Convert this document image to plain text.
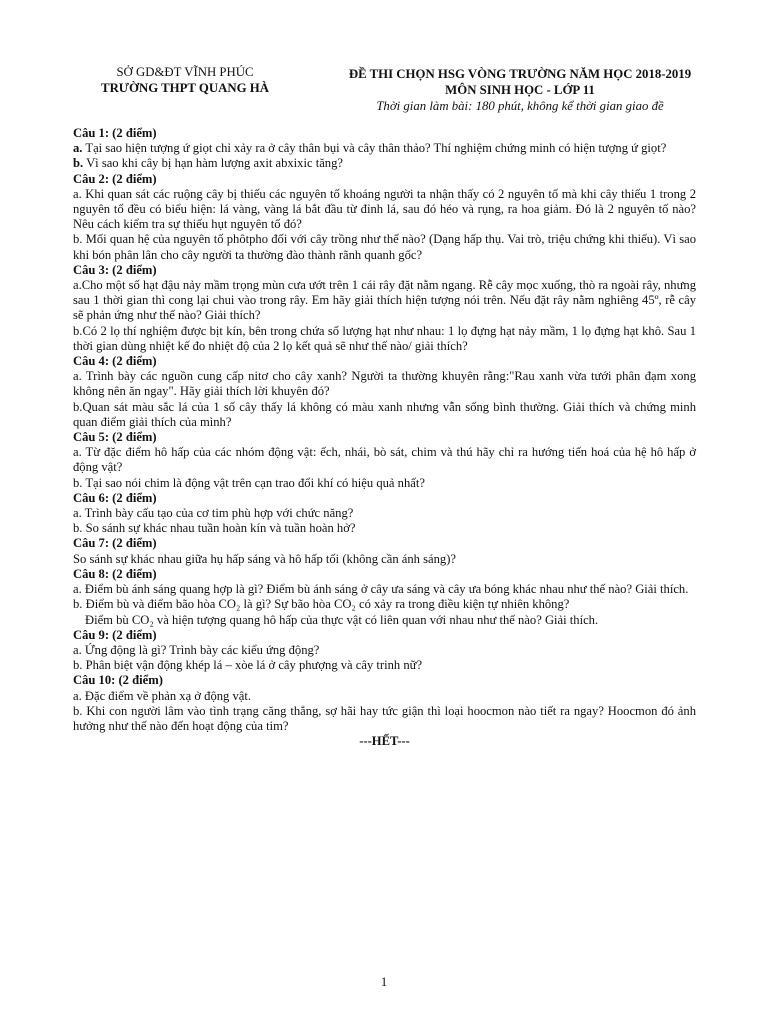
SỞ GD&ĐT VĨNH PHÚC
TRƯỜNG THPT QUANG HÀ
ĐỀ THI CHỌN HSG VÒNG TRƯỜNG NĂM HỌC 2018-2019
MÔN SINH HỌC - LỚP 11
Thời gian làm bài: 180 phút, không kể thời gian giao đề

Câu 1: (2 điểm)

a. Tại sao hiện tượng ứ giọt chỉ xảy ra ở cây thân bụi và cây thân thảo? Thí nghiệm chứng minh có hiện tượng ứ giọt?

b. Vì sao khi cây bị hạn hàm lượng axit abxixic tăng?

Câu 2: (2 điểm)

a. Khi quan sát các ruộng cây bị thiếu các nguyên tố khoáng người ta nhận thấy có 2 nguyên tố mà khi cây thiếu 1 trong 2 nguyên tố đều có biểu hiện: lá vàng, vàng lá bắt đầu từ đỉnh lá, sau đó héo và rụng, ra hoa giảm. Đó là 2 nguyên tố nào? Nêu cách kiểm tra sự thiếu hụt nguyên tố đó?

b. Mối quan hệ của nguyên tố phôtpho đối với cây trồng như thế nào? (Dạng hấp thụ. Vai trò, triệu chứng khi thiếu). Vì sao khi bón phân lân cho cây người ta thường đào thành rãnh quanh gốc?

Câu 3: (2 điểm)

a.Cho một số hạt đậu nảy mầm trọng mùn cưa ướt trên 1 cái rây đặt nằm ngang. Rễ cây mọc xuống, thò ra ngoài rây, nhưng sau 1 thời gian thì cong lại chui vào trong rây. Em hãy giải thích hiện tượng nói trên. Nếu đặt rây nằm nghiêng 45º, rễ cây sẽ phản ứng như thế nào? Giải thích?

b.Có 2 lọ thí nghiệm được bịt kín, bên trong chứa số lượng hạt như nhau: 1 lọ đựng hạt nảy mầm, 1 lọ đựng hạt khô. Sau 1 thời gian dùng nhiệt kế đo nhiệt độ của 2 lọ kết quả sẽ như thế nào/ giải thích?

Câu 4: (2 điểm)

a. Trình bày các nguồn cung cấp nitơ cho cây xanh? Người ta thường khuyên rằng:"Rau xanh vừa tưới phân đạm xong không nên ăn ngay". Hãy giải thích lời khuyên đó?

b.Quan sát màu sắc lá của 1 số cây thấy lá không có màu xanh nhưng vẫn sống bình thường. Giải thích và chứng minh quan điểm giải thích của mình?

Câu 5: (2 điểm)

a. Từ đặc điểm hô hấp của các nhóm động vật: ếch, nhái, bò sát, chim và thú hãy chỉ ra hướng tiến hoá của hệ hô hấp ở động vật?

b. Tại sao nói chim là động vật trên cạn trao đổi khí có hiệu quả nhất?

Câu 6: (2 điểm)

a. Trình bày cấu tạo của cơ tim phù hợp với chức năng?

b. So sánh sự khác nhau tuần hoàn kín và tuần hoàn hở?

Câu 7: (2 điểm)

So sánh sự khác nhau giữa hụ hấp sáng và hô hấp tối (không cần ánh sáng)?

Câu 8: (2 điểm)

a. Điểm bù ánh sáng quang hợp là gì? Điểm bù ánh sáng ở cây ưa sáng và cây ưa bóng khác nhau như thế nào? Giải thích.

b. Điểm bù và điểm bão hòa CO₂ là gì? Sự bão hòa CO₂ có xảy ra trong điều kiện tự nhiên không?

Điểm bù CO₂ và hiện tượng quang hô hấp của thực vật có liên quan với nhau như thế nào? Giải thích.

Câu 9: (2 điểm)

a. Ứng động là gì? Trình bày các kiểu ứng động?

b. Phân biệt vận động khép lá – xòe lá ở cây phượng và cây trinh nữ?

Câu 10: (2 điểm)

a. Đặc điểm về phản xạ ở động vật.

b. Khi con người lâm vào tình trạng căng thẳng, sợ hãi hay tức giận thì loại hoocmon nào tiết ra ngay? Hoocmon đó ảnh hưởng như thế nào đến hoạt động của tim?

---HẾT---

1
